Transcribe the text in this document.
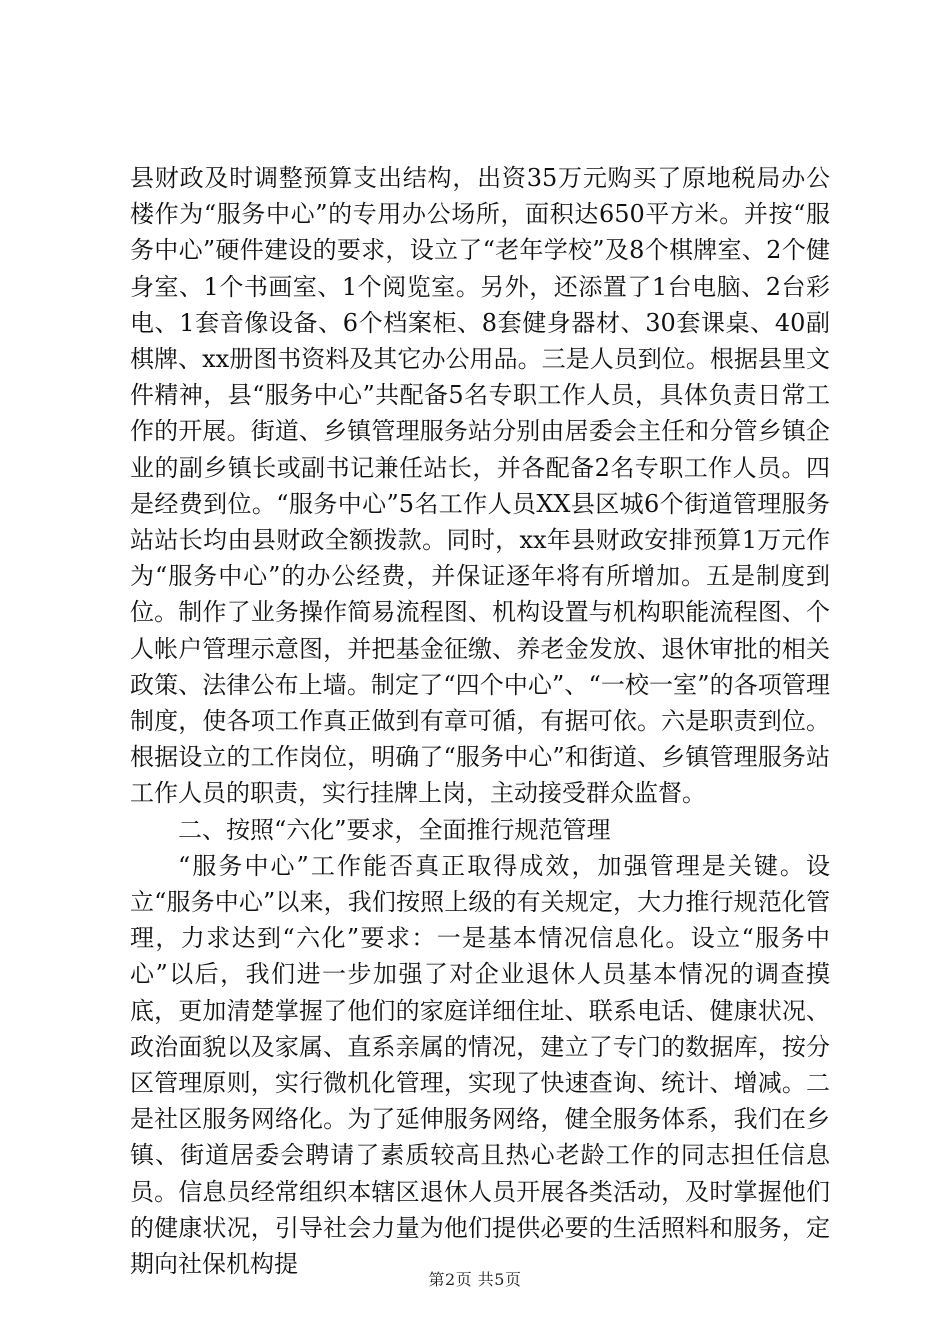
县财政及时调整预算支出结构，出资35万元购买了原地税局办公楼作为“服务中心”的专用办公场所，面积达650平方米。并按“服务中心”硬件建设的要求，设立了“老年学校”及8个棋牌室、2个健身室、1个书画室、1个阅览室。另外，还添置了1台电脑、2台彩电、1套音像设备、6个档案柜、8套健身器材、30套课桌、40副棋牌、xx册图书资料及其它办公用品。三是人员到位。根据县里文件精神，县“服务中心”共配备5名专职工作人员，具体负责日常工作的开展。街道、乡镇管理服务站分别由居委会主任和分管乡镇企业的副乡镇长或副书记兼任站长，并各配备2名专职工作人员。四是经费到位。“服务中心”5名工作人员XX县区城6个街道管理服务站站长均由县财政全额拨款。同时，xx年县财政安排预算1万元作为“服务中心”的办公经费，并保证逐年将有所增加。五是制度到位。制作了业务操作简易流程图、机构设置与机构职能流程图、个人帐户管理示意图，并把基金征缴、养老金发放、退休审批的相关政策、法律公布上墙。制定了“四个中心”、“一校一室”的各项管理制度，使各项工作真正做到有章可循，有据可依。六是职责到位。根据设立的工作岗位，明确了“服务中心”和街道、乡镇管理服务站工作人员的职责，实行挂牌上岗，主动接受群众监督。

二、按照“六化”要求，全面推行规范管理

“服务中心”工作能否真正取得成效，加强管理是关键。设立“服务中心”以来，我们按照上级的有关规定，大力推行规范化管理，力求达到“六化”要求：一是基本情况信息化。设立“服务中心”以后，我们进一步加强了对企业退休人员基本情况的调查摸底，更加清楚掌握了他们的家庭详细住址、联系电话、健康状况、政治面貌以及家属、直系亲属的情况，建立了专门的数据库，按分区管理原则，实行微机化管理，实现了快速查询、统计、增减。二是社区服务网络化。为了延伸服务网络，健全服务体系，我们在乡镇、街道居委会聘请了素质较高且热心老龄工作的同志担任信息员。信息员经常组织本辖区退休人员开展各类活动，及时掌握他们的健康状况，引导社会力量为他们提供必要的生活照料和服务，定期向社保机构提

第2页 共5页
